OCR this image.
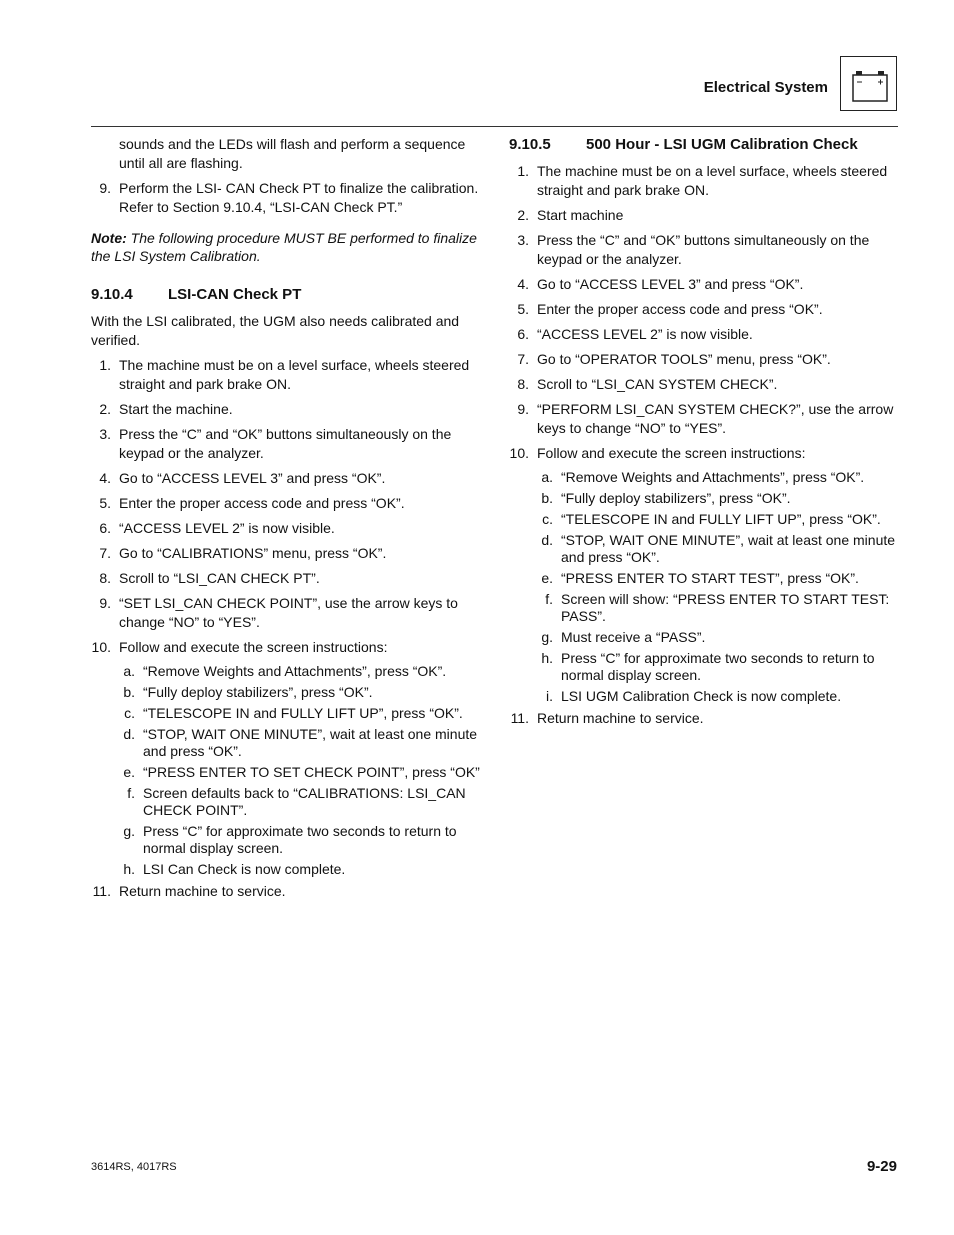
Electrical System
sounds and the LEDs will flash and perform a sequence until all are flashing.
9. Perform the LSI- CAN Check PT to finalize the calibration. Refer to Section 9.10.4, “LSI-CAN Check PT.”
Note: The following procedure MUST BE performed to finalize the LSI System Calibration.
9.10.4 LSI-CAN Check PT
With the LSI calibrated, the UGM also needs calibrated and verified.
1. The machine must be on a level surface, wheels steered straight and park brake ON.
2. Start the machine.
3. Press the “C” and “OK” buttons simultaneously on the keypad or the analyzer.
4. Go to “ACCESS LEVEL 3” and press “OK”.
5. Enter the proper access code and press “OK”.
6. “ACCESS LEVEL 2” is now visible.
7. Go to “CALIBRATIONS” menu, press “OK”.
8. Scroll to “LSI_CAN CHECK PT”.
9. “SET LSI_CAN CHECK POINT”, use the arrow keys to change “NO” to “YES”.
10. Follow and execute the screen instructions:
a. “Remove Weights and Attachments”, press “OK”.
b. “Fully deploy stabilizers”, press “OK”.
c. “TELESCOPE IN and FULLY LIFT UP”, press “OK”.
d. “STOP, WAIT ONE MINUTE”, wait at least one minute and press “OK”.
e. “PRESS ENTER TO SET CHECK POINT”, press “OK”
f. Screen defaults back to “CALIBRATIONS: LSI_CAN CHECK POINT”.
g. Press “C” for approximate two seconds to return to normal display screen.
h. LSI Can Check is now complete.
11. Return machine to service.
9.10.5 500 Hour - LSI UGM Calibration Check
1. The machine must be on a level surface, wheels steered straight and park brake ON.
2. Start machine
3. Press the “C” and “OK” buttons simultaneously on the keypad or the analyzer.
4. Go to “ACCESS LEVEL 3” and press “OK”.
5. Enter the proper access code and press “OK”.
6. “ACCESS LEVEL 2” is now visible.
7. Go to “OPERATOR TOOLS” menu, press “OK”.
8. Scroll to “LSI_CAN SYSTEM CHECK”.
9. “PERFORM LSI_CAN SYSTEM CHECK?”, use the arrow keys to change “NO” to “YES”.
10. Follow and execute the screen instructions:
a. “Remove Weights and Attachments”, press “OK”.
b. “Fully deploy stabilizers”, press “OK”.
c. “TELESCOPE IN and FULLY LIFT UP”, press “OK”.
d. “STOP, WAIT ONE MINUTE”, wait at least one minute and press “OK”.
e. “PRESS ENTER TO START TEST”, press “OK”.
f. Screen will show: “PRESS ENTER TO START TEST: PASS”.
g. Must receive a “PASS”.
h. Press “C” for approximate two seconds to return to normal display screen.
i. LSI UGM Calibration Check is now complete.
11. Return machine to service.
3614RS, 4017RS	9-29
